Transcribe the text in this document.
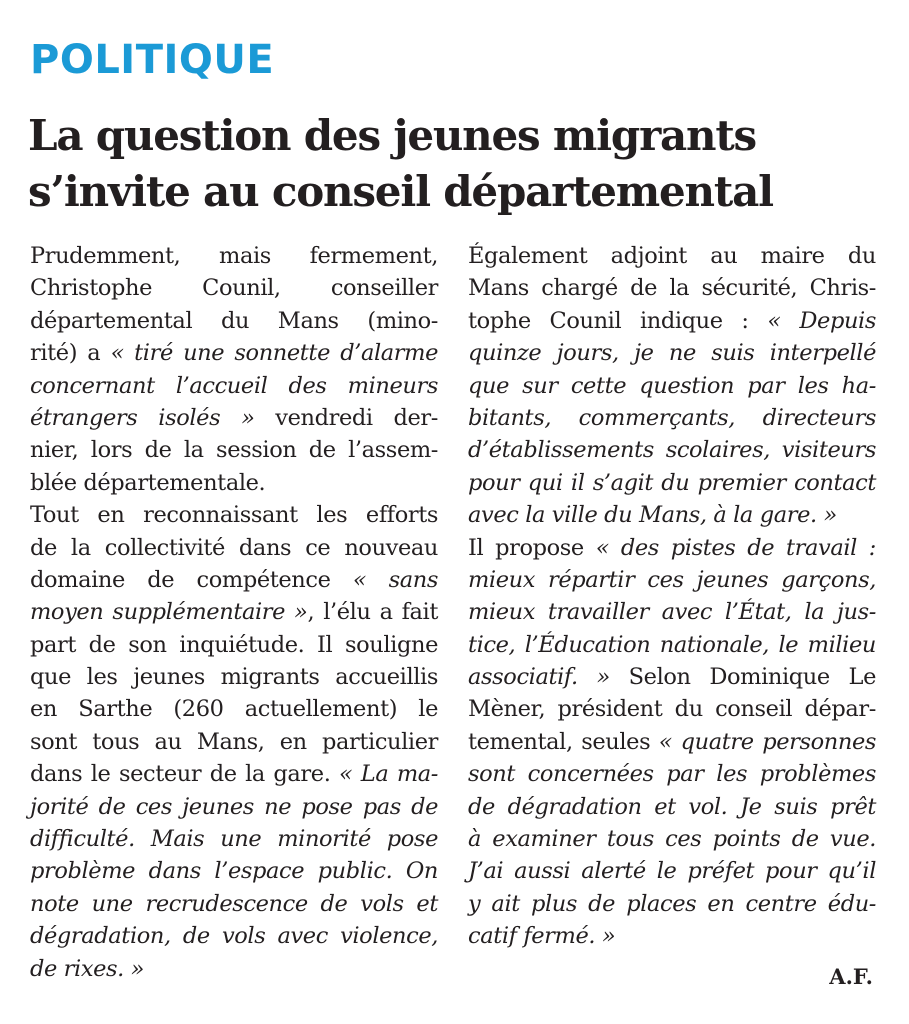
POLITIQUE
La question des jeunes migrants
s’invite au conseil départemental
Prudemment, mais fermement,
Christophe Counil, conseiller
départemental du Mans (mino-
rité) a « tiré une sonnette d’alarme
concernant l’accueil des mineurs
étrangers isolés » vendredi der-
nier, lors de la session de l’assem-
blée départementale.
Tout en reconnaissant les efforts
de la collectivité dans ce nouveau
domaine de compétence « sans
moyen supplémentaire », l’élu a fait
part de son inquiétude. Il souligne
que les jeunes migrants accueillis
en Sarthe (260 actuellement) le
sont tous au Mans, en particulier
dans le secteur de la gare. « La ma-
jorité de ces jeunes ne pose pas de
difficulté. Mais une minorité pose
problème dans l’espace public. On
note une recrudescence de vols et
dégradation, de vols avec violence,
de rixes. »
Également adjoint au maire du
Mans chargé de la sécurité, Chris-
tophe Counil indique : « Depuis
quinze jours, je ne suis interpellé
que sur cette question par les ha-
bitants, commerçants, directeurs
d’établissements scolaires, visiteurs
pour qui il s’agit du premier contact
avec la ville du Mans, à la gare. »
Il propose « des pistes de travail :
mieux répartir ces jeunes garçons,
mieux travailler avec l’État, la jus-
tice, l’Éducation nationale, le milieu
associatif. » Selon Dominique Le
Mèner, président du conseil dépar-
temental, seules « quatre personnes
sont concernées par les problèmes
de dégradation et vol. Je suis prêt
à examiner tous ces points de vue.
J’ai aussi alerté le préfet pour qu’il
y ait plus de places en centre édu-
catif fermé. »
A.F.
